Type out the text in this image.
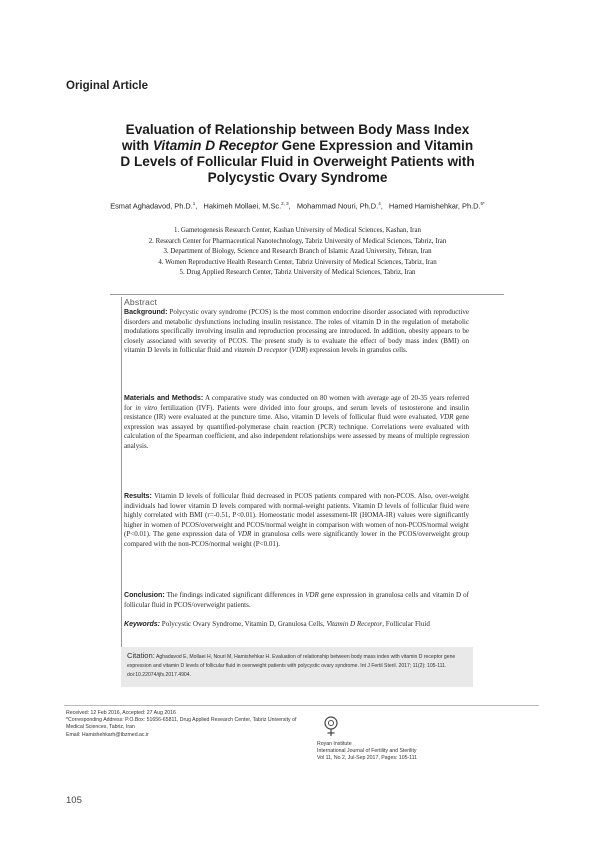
Original Article
Evaluation of Relationship between Body Mass Index
with Vitamin D Receptor Gene Expression and Vitamin
D Levels of Follicular Fluid in Overweight Patients with
Polycystic Ovary Syndrome
Esmat Aghadavod, Ph.D.$^1$,   Hakimeh Mollaei, M.Sc.$^{2, 3}$,   Mohammad Nouri, Ph.D.$^4$,   Hamed Hamishehkar, Ph.D.$^{5*}$
1. Gametogenesis Research Center, Kashan University of Medical Sciences, Kashan, Iran
2. Research Center for Pharmaceutical Nanotechnology, Tabriz University of Medical Sciences, Tabriz, Iran
3. Department of Biology, Science and Research Branch of Islamic Azad University, Tehran, Iran
4. Women Reproductive Health Research Center, Tabriz University of Medical Sciences, Tabriz, Iran
5. Drug Applied Research Center, Tabriz University of Medical Sciences, Tabriz, Iran
Abstract
Background: Polycystic ovary syndrome (PCOS) is the most common endocrine disorder associated with reproductive disorders and metabolic dysfunctions including insulin resistance. The roles of vitamin D in the regulation of metabolic modulations specifically involving insulin and reproduction processing are introduced. In addition, obesity appears to be closely associated with severity of PCOS. The present study is to evaluate the effect of body mass index (BMI) on vitamin D levels in follicular fluid and vitamin D receptor (VDR) expression levels in granulos cells.
Materials and Methods: A comparative study was conducted on 80 women with average age of 20-35 years referred for in vitro fertilization (IVF). Patients were divided into four groups, and serum levels of testosterone and insulin resistance (IR) were evaluated at the puncture time. Also, vitamin D levels of follicular fluid were evaluated. VDR gene expression was assayed by quantified-polymerase chain reaction (PCR) technique. Correlations were evaluated with calculation of the Spearman coefficient, and also independent relationships were assessed by means of multiple regression analysis.
Results: Vitamin D levels of follicular fluid decreased in PCOS patients compared with non-PCOS. Also, over-weight individuals had lower vitamin D levels compared with normal-weight patients. Vitamin D levels of follicular fluid were highly correlated with BMI (r=-0.51, P<0.01). Homeostatic model assessment-IR (HOMA-IR) values were significantly higher in women of PCOS/overweight and PCOS/normal weight in comparison with women of non-PCOS/normal weight (P<0.01). The gene expression data of VDR in granulosa cells were significantly lower in the PCOS/overweight group compared with the non-PCOS/normal weight (P<0.01).
Conclusion: The findings indicated significant differences in VDR gene expression in granulosa cells and vitamin D of follicular fluid in PCOS/overweight patients.
Keywords: Polycystic Ovary Syndrome, Vitamin D, Granulosa Cells, Vitamin D Receptor, Follicular Fluid
Citation: Aghadavod E, Mollaei H, Nouri M, Hamishehkar H. Evaluation of relationship between body mass index with vitamin D receptor gene expression and vitamin D levels of follicular fluid in overweight patients with polycystic ovary syndrome. Int J Fertil Steril. 2017; 11(2): 105-111. doi:10.22074/ijfs.2017.4904.
Received: 12 Feb 2016, Accepted: 27 Aug 2016
*Corresponding Address: P.O.Box: 51656-65811, Drug Applied Research Center, Tabriz University of Medical Sciences, Tabriz, Iran
Email: Hamishehkarh@tbzmed.ac.ir
Royan Institute
International Journal of Fertility and Sterility
Vol 11, No 2, Jul-Sep 2017, Pages: 105-111
105
